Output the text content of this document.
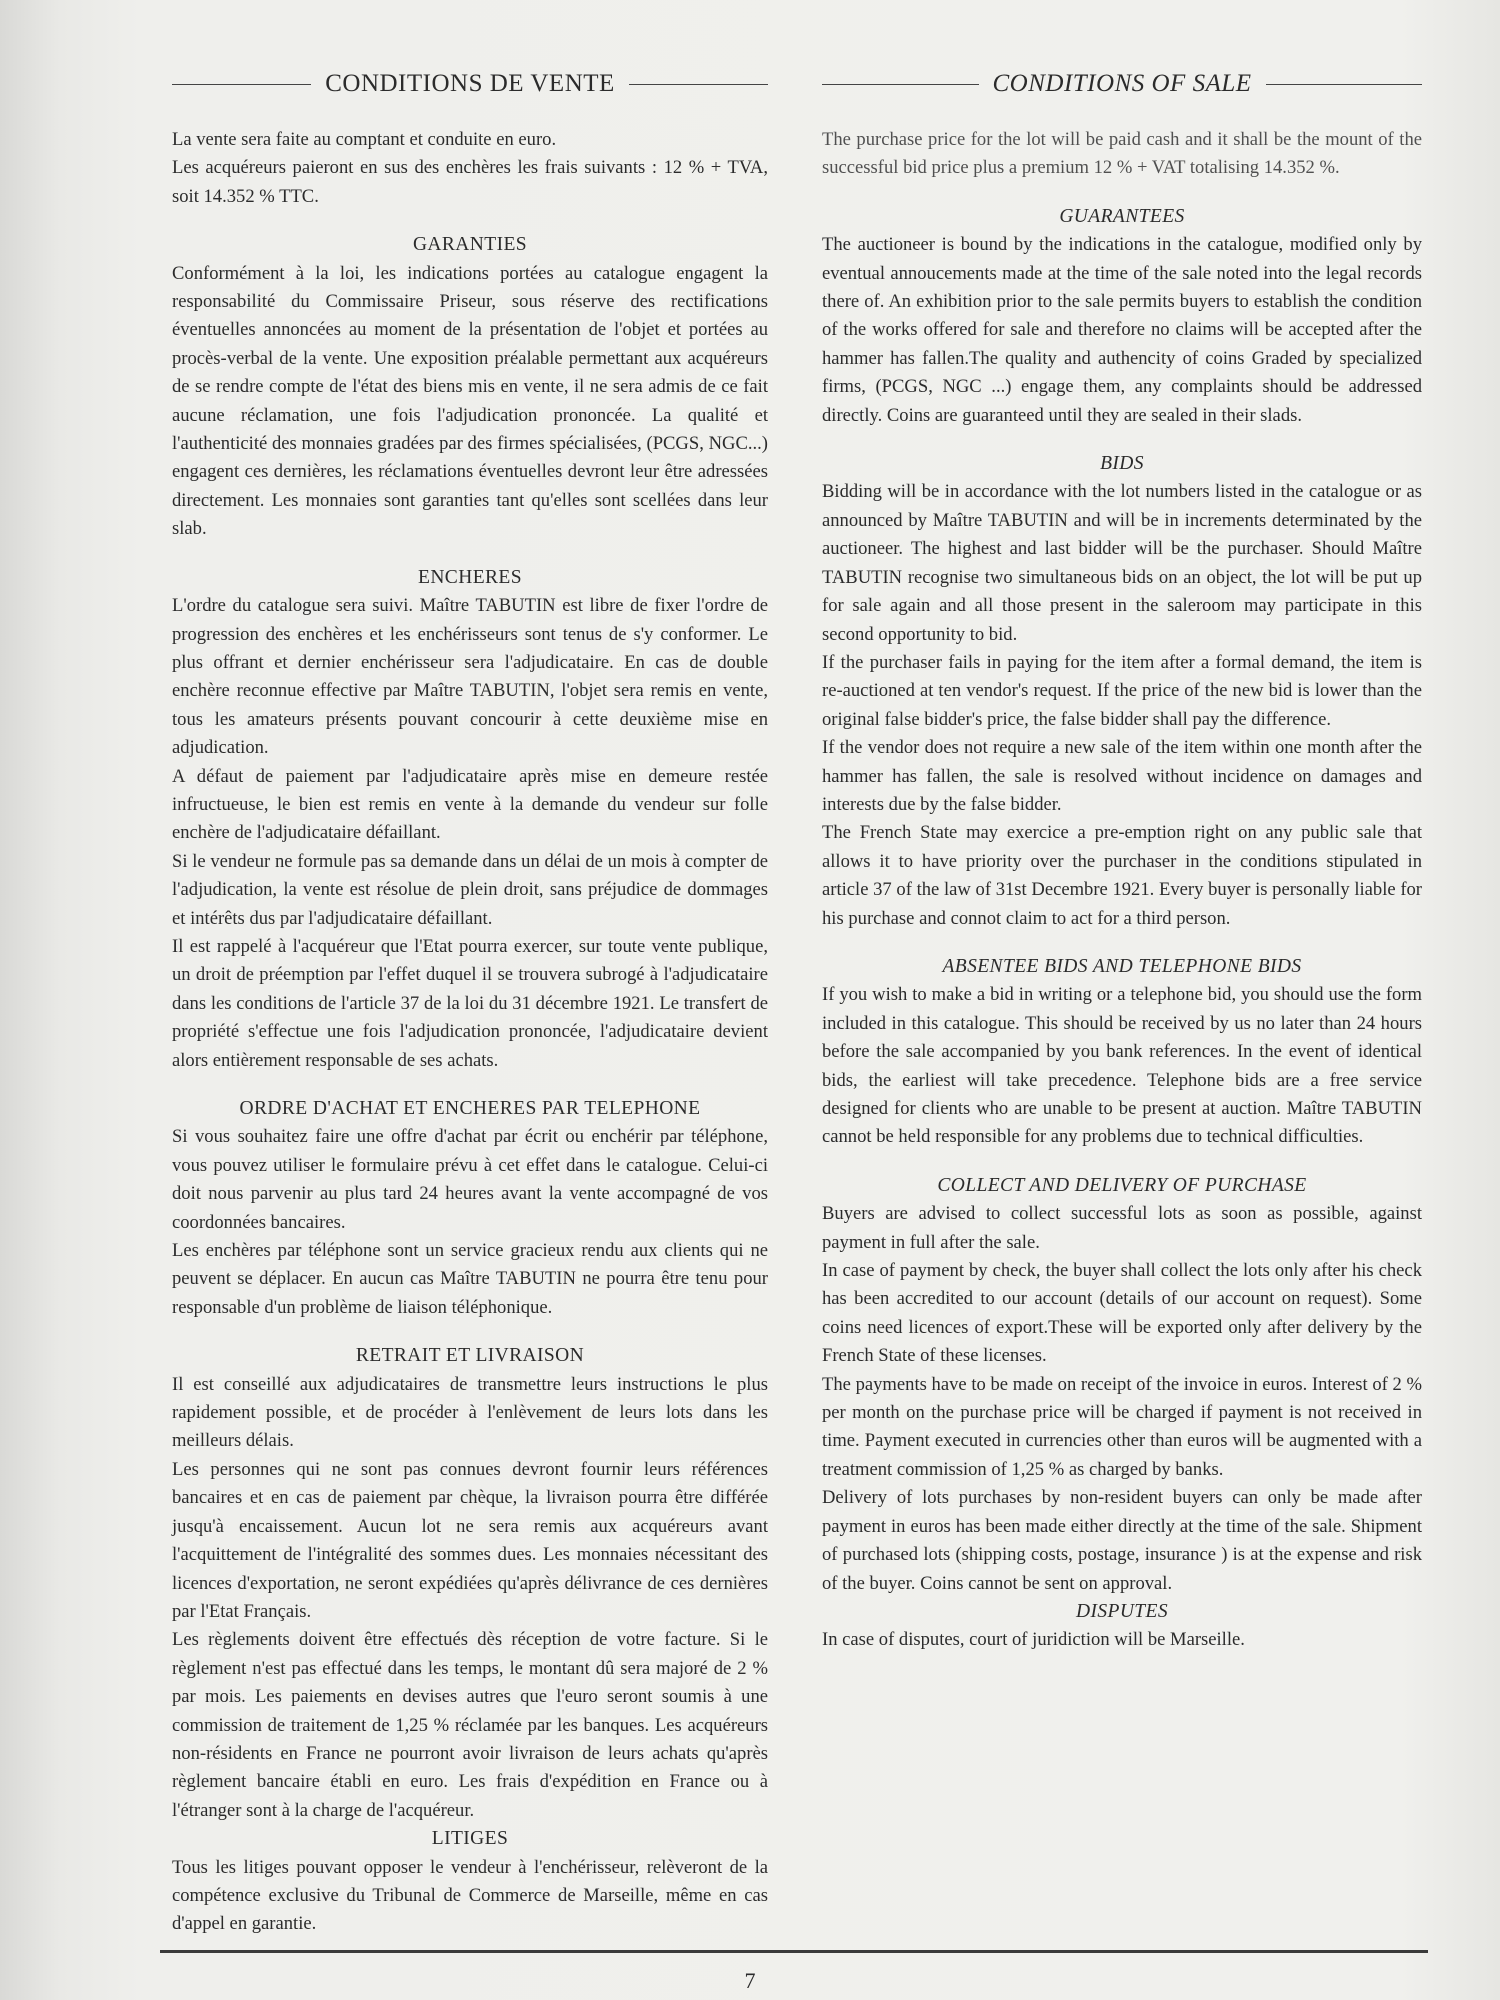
CONDITIONS DE VENTE

La vente sera faite au comptant et conduite en euro.

Les acquéreurs paieront en sus des enchères les frais suivants : 12 % + TVA, soit 14.352 % TTC.

GARANTIES

Conformément à la loi, les indications portées au catalogue engagent la responsabilité du Commissaire Priseur, sous réserve des rectifications éventuelles annoncées au moment de la présentation de l'objet et portées au procès-verbal de la vente. Une exposition préalable permettant aux acquéreurs de se rendre compte de l'état des biens mis en vente, il ne sera admis de ce fait aucune réclamation, une fois l'adjudication prononcée. La qualité et l'authenticité des monnaies gradées par des firmes spécialisées, (PCGS, NGC...) engagent ces dernières, les réclamations éventuelles devront leur être adressées directement. Les monnaies sont garanties tant qu'elles sont scellées dans leur slab.

ENCHERES

L'ordre du catalogue sera suivi. Maître TABUTIN est libre de fixer l'ordre de progression des enchères et les enchérisseurs sont tenus de s'y conformer. Le plus offrant et dernier enchérisseur sera l'adjudicataire. En cas de double enchère reconnue effective par Maître TABUTIN, l'objet sera remis en vente, tous les amateurs présents pouvant concourir à cette deuxième mise en adjudication.

A défaut de paiement par l'adjudicataire après mise en demeure restée infructueuse, le bien est remis en vente à la demande du vendeur sur folle enchère de l'adjudicataire défaillant.

Si le vendeur ne formule pas sa demande dans un délai de un mois à compter de l'adjudication, la vente est résolue de plein droit, sans préjudice de dommages et intérêts dus par l'adjudicataire défaillant.

Il est rappelé à l'acquéreur que l'Etat pourra exercer, sur toute vente publique, un droit de préemption par l'effet duquel il se trouvera subrogé à l'adjudicataire dans les conditions de l'article 37 de la loi du 31 décembre 1921. Le transfert de propriété s'effectue une fois l'adjudication prononcée, l'adjudicataire devient alors entièrement responsable de ses achats.

ORDRE D'ACHAT ET ENCHERES PAR TELEPHONE

Si vous souhaitez faire une offre d'achat par écrit ou enchérir par téléphone, vous pouvez utiliser le formulaire prévu à cet effet dans le catalogue. Celui-ci doit nous parvenir au plus tard 24 heures avant la vente accompagné de vos coordonnées bancaires.

Les enchères par téléphone sont un service gracieux rendu aux clients qui ne peuvent se déplacer. En aucun cas Maître TABUTIN ne pourra être tenu pour responsable d'un problème de liaison téléphonique.

RETRAIT ET LIVRAISON

Il est conseillé aux adjudicataires de transmettre leurs instructions le plus rapidement possible, et de procéder à l'enlèvement de leurs lots dans les meilleurs délais.

Les personnes qui ne sont pas connues devront fournir leurs références bancaires et en cas de paiement par chèque, la livraison pourra être différée jusqu'à encaissement. Aucun lot ne sera remis aux acquéreurs avant l'acquittement de l'intégralité des sommes dues. Les monnaies nécessitant des licences d'exportation, ne seront expédiées qu'après délivrance de ces dernières par l'Etat Français.

Les règlements doivent être effectués dès réception de votre facture. Si le règlement n'est pas effectué dans les temps, le montant dû sera majoré de 2 % par mois. Les paiements en devises autres que l'euro seront soumis à une commission de traitement de 1,25 % réclamée par les banques. Les acquéreurs non-résidents en France ne pourront avoir livraison de leurs achats qu'après règlement bancaire établi en euro. Les frais d'expédition en France ou à l'étranger sont à la charge de l'acquéreur.

LITIGES

Tous les litiges pouvant opposer le vendeur à l'enchérisseur, relèveront de la compétence exclusive du Tribunal de Commerce de Marseille, même en cas d'appel en garantie.

CONDITIONS OF SALE

The purchase price for the lot will be paid cash and it shall be the mount of the successful bid price plus a premium 12 % + VAT totalising 14.352 %.

GUARANTEES

The auctioneer is bound by the indications in the catalogue, modified only by eventual annoucements made at the time of the sale noted into the legal records there of. An exhibition prior to the sale permits buyers to establish the condition of the works offered for sale and therefore no claims will be accepted after the hammer has fallen.The quality and authencity of coins Graded by specialized firms, (PCGS, NGC ...) engage them, any complaints should be addressed directly. Coins are guaranteed until they are sealed in their slads.

BIDS

Bidding will be in accordance with the lot numbers listed in the catalogue or as announced by Maître TABUTIN and will be in increments determinated by the auctioneer. The highest and last bidder will be the purchaser. Should Maître TABUTIN recognise two simultaneous bids on an object, the lot will be put up for sale again and all those present in the saleroom may participate in this second opportunity to bid.

If the purchaser fails in paying for the item after a formal demand, the item is re-auctioned at ten vendor's request. If the price of the new bid is lower than the original false bidder's price, the false bidder shall pay the difference.

If the vendor does not require a new sale of the item within one month after the hammer has fallen, the sale is resolved without incidence on damages and interests due by the false bidder.

The French State may exercice a pre-emption right on any public sale that allows it to have priority over the purchaser in the conditions stipulated in article 37 of the law of 31st Decembre 1921. Every buyer is personally liable for his purchase and connot claim to act for a third person.

ABSENTEE BIDS AND TELEPHONE BIDS

If you wish to make a bid in writing or a telephone bid, you should use the form included in this catalogue. This should be received by us no later than 24 hours before the sale accompanied by you bank references. In the event of identical bids, the earliest will take precedence. Telephone bids are a free service designed for clients who are unable to be present at auction. Maître TABUTIN cannot be held responsible for any problems due to technical difficulties.

COLLECT AND DELIVERY OF PURCHASE

Buyers are advised to collect successful lots as soon as possible, against payment in full after the sale.

In case of payment by check, the buyer shall collect the lots only after his check has been accredited to our account (details of our account on request). Some coins need licences of export.These will be exported only after delivery by the French State of these licenses.

The payments have to be made on receipt of the invoice in euros. Interest of 2 % per month on the purchase price will be charged if payment is not received in time. Payment executed in currencies other than euros will be augmented with a treatment commission of 1,25 % as charged by banks.

Delivery of lots purchases by non-resident buyers can only be made after payment in euros has been made either directly at the time of the sale. Shipment of purchased lots (shipping costs, postage, insurance ) is at the expense and risk of the buyer. Coins cannot be sent on approval.

DISPUTES

In case of disputes, court of juridiction will be Marseille.

7
